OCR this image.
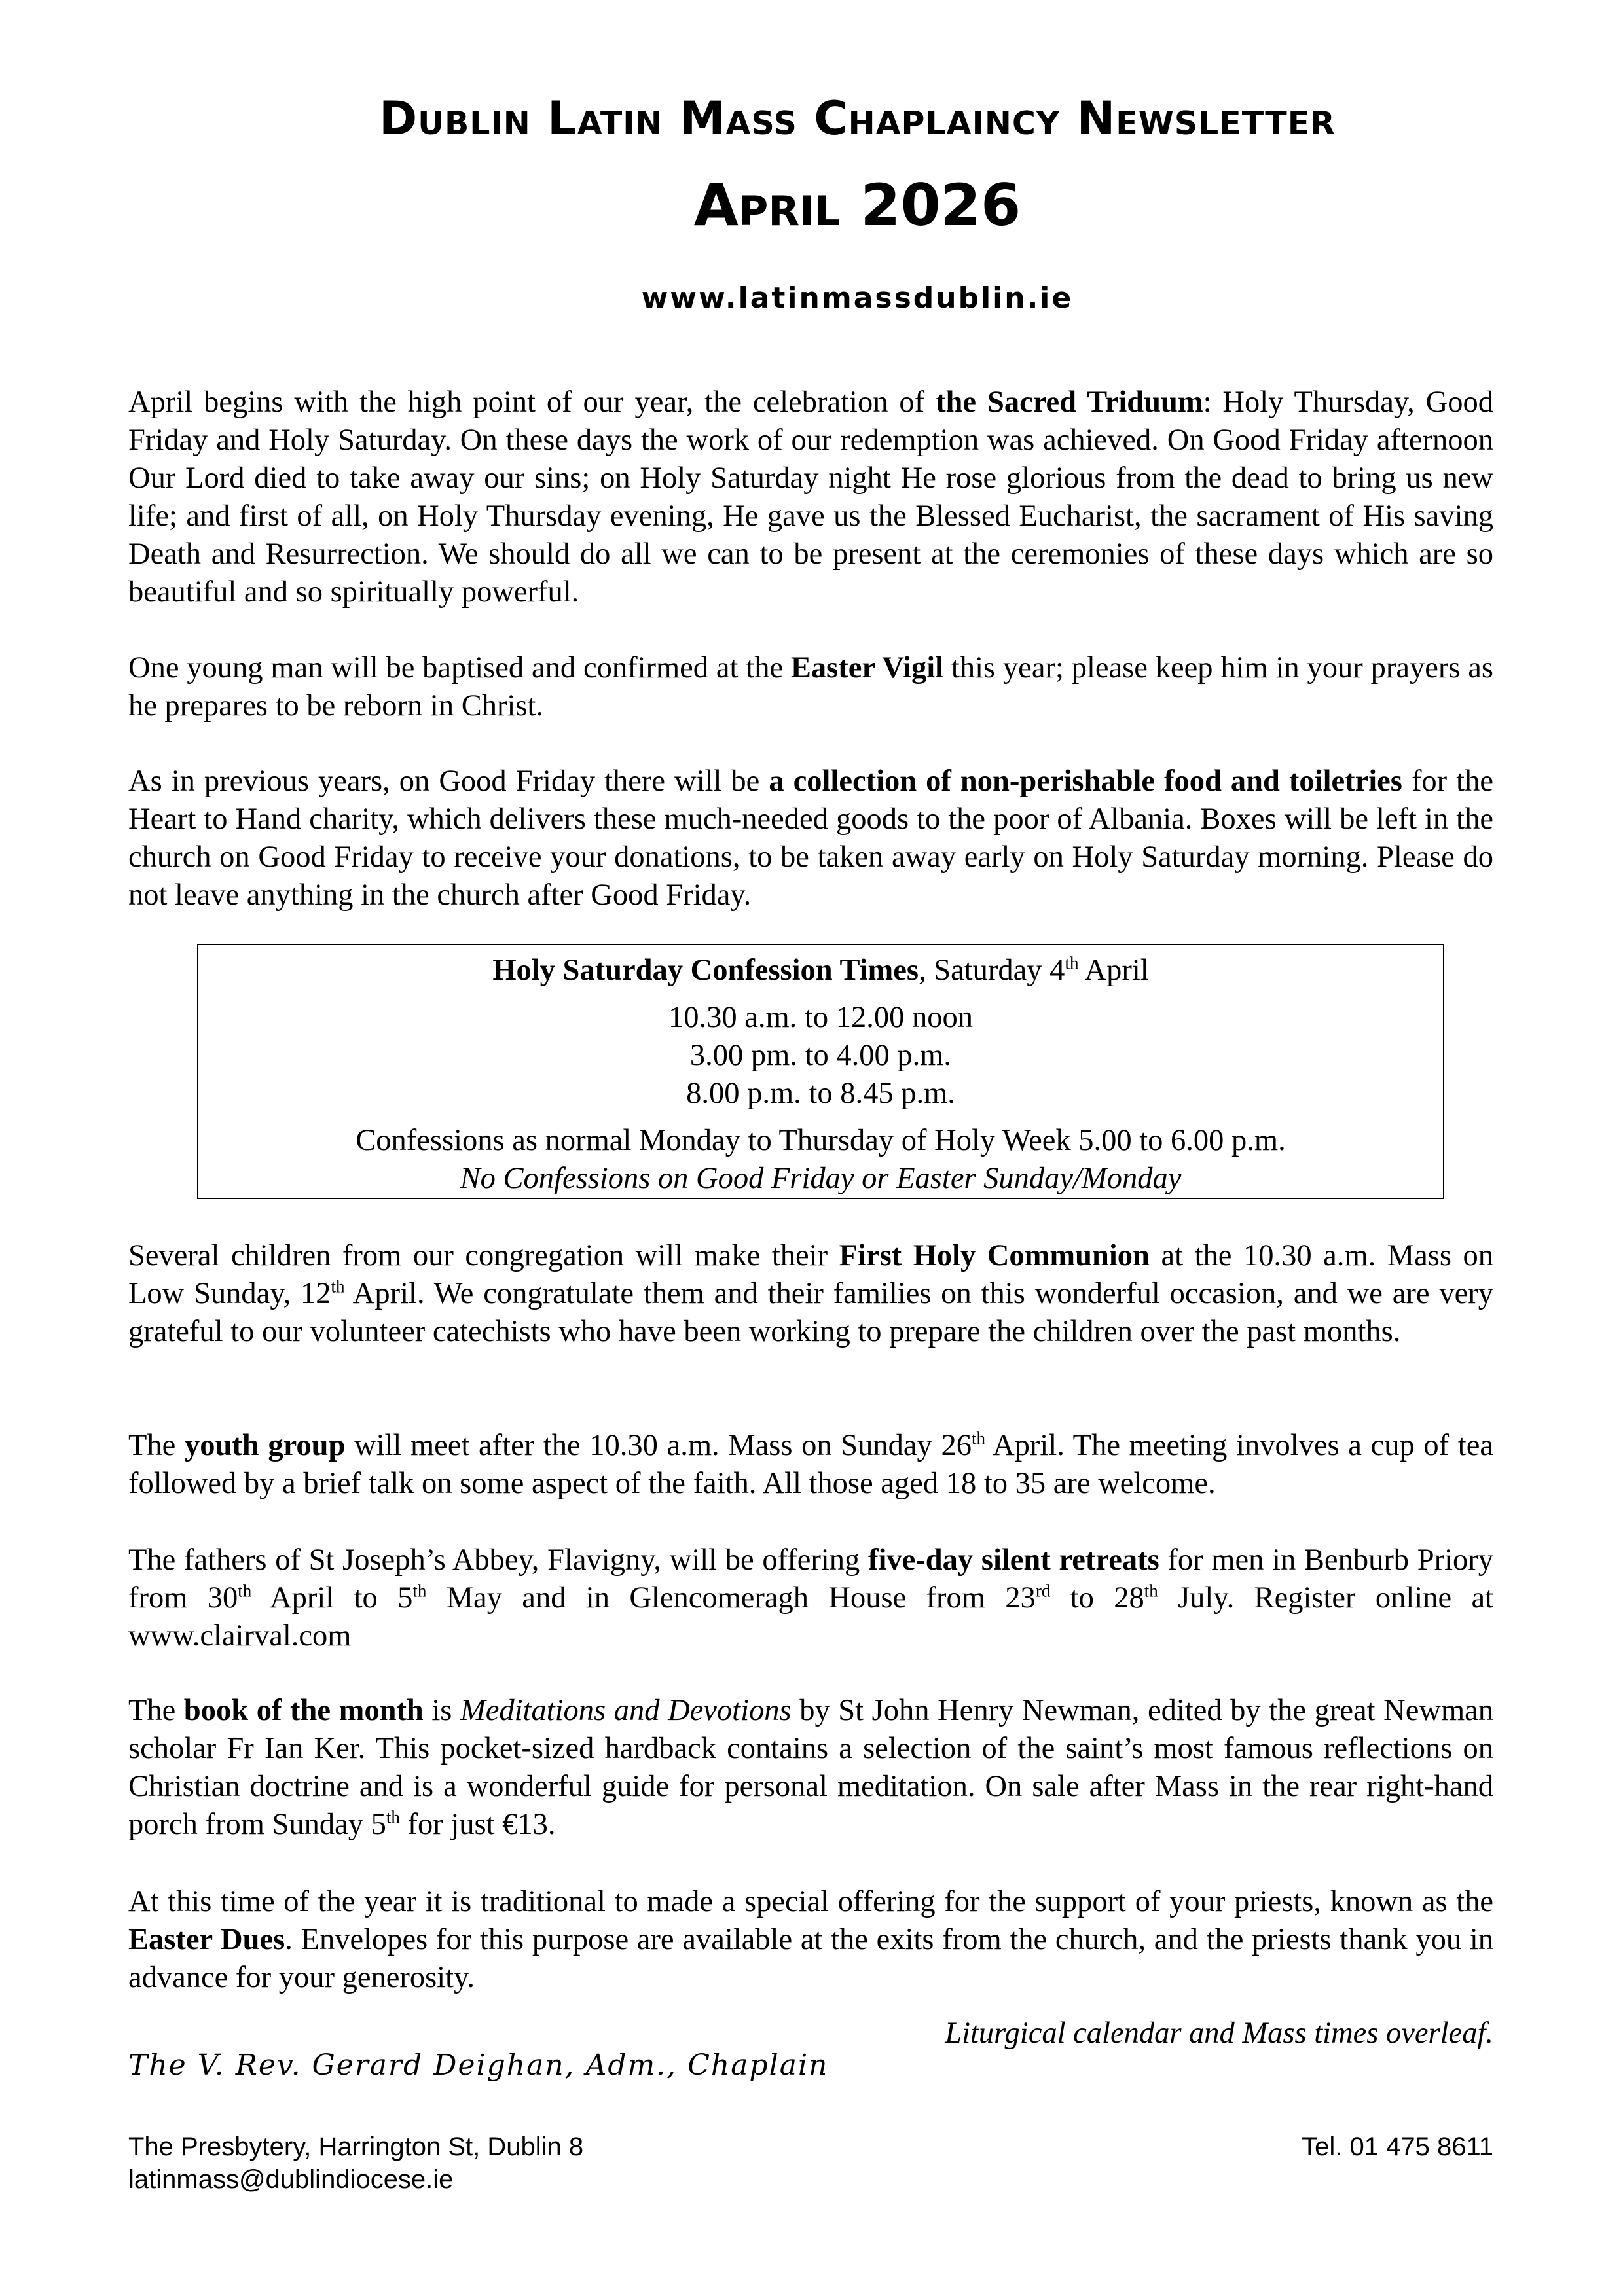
Dublin Latin Mass Chaplaincy Newsletter
April 2026
www.latinmassdublin.ie

April begins with the high point of our year, the celebration of the Sacred Triduum: Holy Thursday, Good Friday and Holy Saturday. On these days the work of our redemption was achieved. On Good Friday afternoon Our Lord died to take away our sins; on Holy Saturday night He rose glorious from the dead to bring us new life; and first of all, on Holy Thursday evening, He gave us the Blessed Eucharist, the sacrament of His saving Death and Resurrection. We should do all we can to be present at the ceremonies of these days which are so beautiful and so spiritually powerful.

One young man will be baptised and confirmed at the Easter Vigil this year; please keep him in your prayers as he prepares to be reborn in Christ.

As in previous years, on Good Friday there will be a collection of non-perishable food and toiletries for the Heart to Hand charity, which delivers these much-needed goods to the poor of Albania. Boxes will be left in the church on Good Friday to receive your donations, to be taken away early on Holy Saturday morning. Please do not leave anything in the church after Good Friday.

Holy Saturday Confession Times, Saturday 4th April
10.30 a.m. to 12.00 noon
3.00 pm. to 4.00 p.m.
8.00 p.m. to 8.45 p.m.
Confessions as normal Monday to Thursday of Holy Week 5.00 to 6.00 p.m.
No Confessions on Good Friday or Easter Sunday/Monday

Several children from our congregation will make their First Holy Communion at the 10.30 a.m. Mass on Low Sunday, 12th April. We congratulate them and their families on this wonderful occasion, and we are very grateful to our volunteer catechists who have been working to prepare the children over the past months.

The youth group will meet after the 10.30 a.m. Mass on Sunday 26th April. The meeting involves a cup of tea followed by a brief talk on some aspect of the faith. All those aged 18 to 35 are welcome.

The fathers of St Joseph’s Abbey, Flavigny, will be offering five-day silent retreats for men in Benburb Priory from 30th April to 5th May and in Glencomeragh House from 23rd to 28th July. Register online at www.clairval.com

The book of the month is Meditations and Devotions by St John Henry Newman, edited by the great Newman scholar Fr Ian Ker. This pocket-sized hardback contains a selection of the saint’s most famous reflections on Christian doctrine and is a wonderful guide for personal meditation. On sale after Mass in the rear right-hand porch from Sunday 5th for just €13.

At this time of the year it is traditional to made a special offering for the support of your priests, known as the Easter Dues. Envelopes for this purpose are available at the exits from the church, and the priests thank you in advance for your generosity.

Liturgical calendar and Mass times overleaf.
The V. Rev. Gerard Deighan, Adm., Chaplain
The Presbytery, Harrington St, Dublin 8
latinmass@dublindiocese.ie
Tel. 01 475 8611
